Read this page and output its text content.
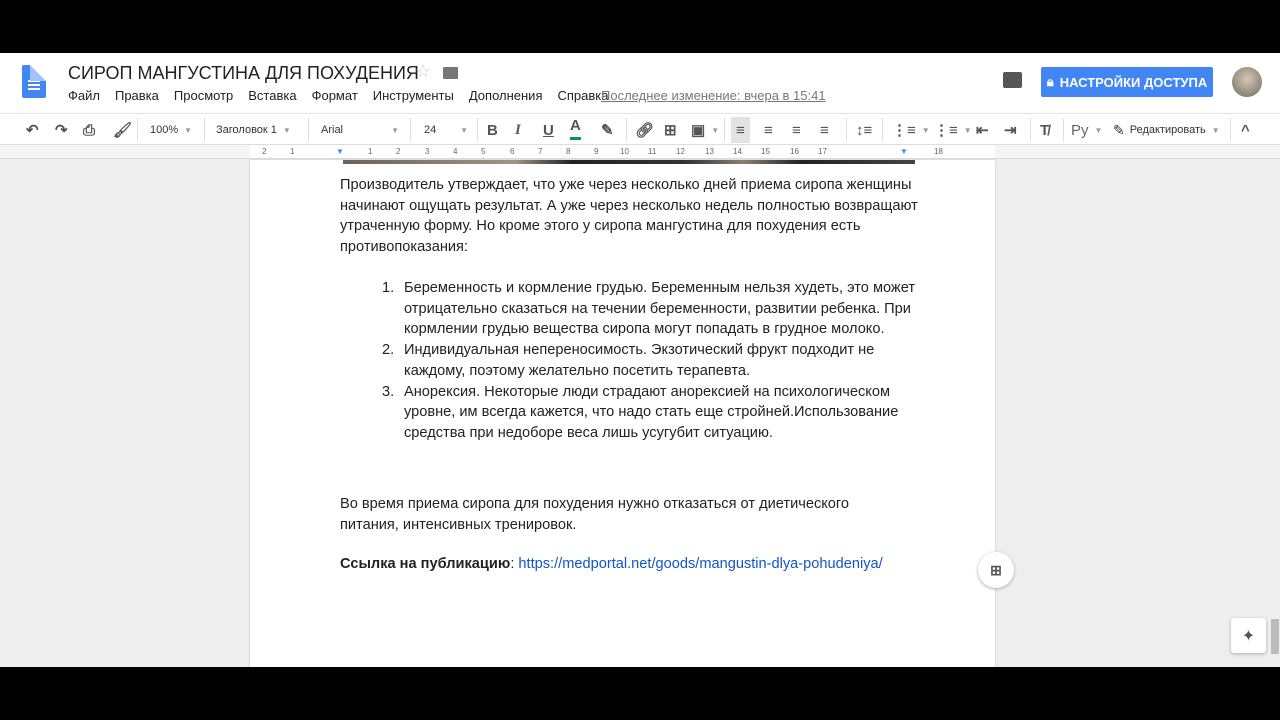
СИРОП МАНГУСТИНА ДЛЯ ПОХУДЕНИЯ
☆
Файл Правка Просмотр Вставка Формат Инструменты Дополнения Справка
Последнее изменение: вчера в 15:41
🔒︎ НАСТРОЙКИ ДОСТУПА
↶ ↷ ⎙ 🖌︎ 100% ▼ Заголовок 1 ▼	Arial	▼ 24	▼ B I U A ✎ 🔗︎ ⊞ ▣ ▼	≡	≡ ≡ ≡ ↕≡ ⋮≡ ▼ ⋮≡ ▼ ⇤ ⇥ T̸ Ру ▼ ✎ Редактировать ▼ ^
2	1	▼	1	2	3	4	5	6	7	8	9	10 11 12	13 14 15	16 17	▼	18
Производитель утверждает, что уже через несколько дней приема сиропа женщины начинают ощущать результат. А уже через несколько недель полностью возвращают утраченную форму. Но кроме этого у сиропа мангустина для похудения есть противопоказания:
1. Беременность и кормление грудью. Беременным нельзя худеть, это может отрицательно сказаться на течении беременности, развитии ребенка. При кормлении грудью вещества сиропа могут попадать в грудное молоко.
2. Индивидуальная непереносимость. Экзотический фрукт подходит не каждому, поэтому желательно посетить терапевта.
3. Анорексия. Некоторые люди страдают анорексией на психологическом уровне, им всегда кажется, что надо стать еще стройней.Использование средства при недоборе веса лишь усугубит ситуацию.
Во время приема сиропа для похудения нужно отказаться от диетического питания, интенсивных тренировок.
Ссылка на публикацию: https://medportal.net/goods/mangustin-dlya-pohudeniya/	⊞
✦
